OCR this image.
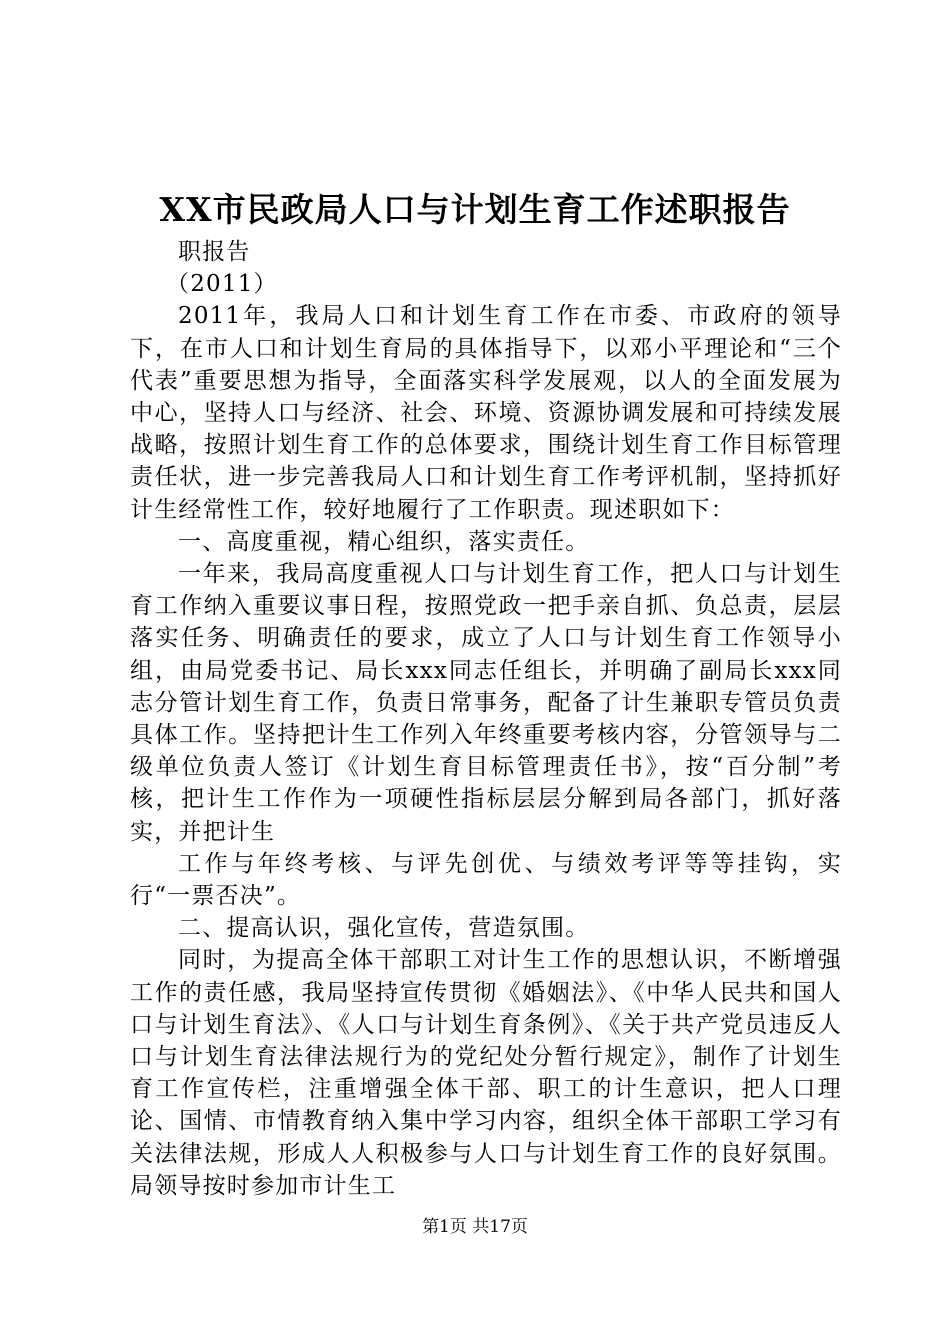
XX市民政局人口与计划生育工作述职报告

职报告

（2011）

2011年，我局人口和计划生育工作在市委、市政府的领导下，在市人口和计划生育局的具体指导下，以邓小平理论和“三个代表”重要思想为指导，全面落实科学发展观，以人的全面发展为中心，坚持人口与经济、社会、环境、资源协调发展和可持续发展战略，按照计划生育工作的总体要求，围绕计划生育工作目标管理责任状，进一步完善我局人口和计划生育工作考评机制，坚持抓好计生经常性工作，较好地履行了工作职责。现述职如下：

一、高度重视，精心组织，落实责任。

一年来，我局高度重视人口与计划生育工作，把人口与计划生育工作纳入重要议事日程，按照党政一把手亲自抓、负总责，层层落实任务、明确责任的要求，成立了人口与计划生育工作领导小组，由局党委书记、局长xxx同志任组长，并明确了副局长xxx同志分管计划生育工作，负责日常事务，配备了计生兼职专管员负责具体工作。坚持把计生工作列入年终重要考核内容，分管领导与二级单位负责人签订《计划生育目标管理责任书》，按“百分制”考核，把计生工作作为一项硬性指标层层分解到局各部门，抓好落实，并把计生

工作与年终考核、与评先创优、与绩效考评等等挂钩，实行“一票否决”。

二、提高认识，强化宣传，营造氛围。

同时，为提高全体干部职工对计生工作的思想认识，不断增强工作的责任感，我局坚持宣传贯彻《婚姻法》、《中华人民共和国人口与计划生育法》、《人口与计划生育条例》、《关于共产党员违反人口与计划生育法律法规行为的党纪处分暂行规定》，制作了计划生育工作宣传栏，注重增强全体干部、职工的计生意识，把人口理论、国情、市情教育纳入集中学习内容，组织全体干部职工学习有关法律法规，形成人人积极参与人口与计划生育工作的良好氛围。局领导按时参加市计生工

第1页 共17页
